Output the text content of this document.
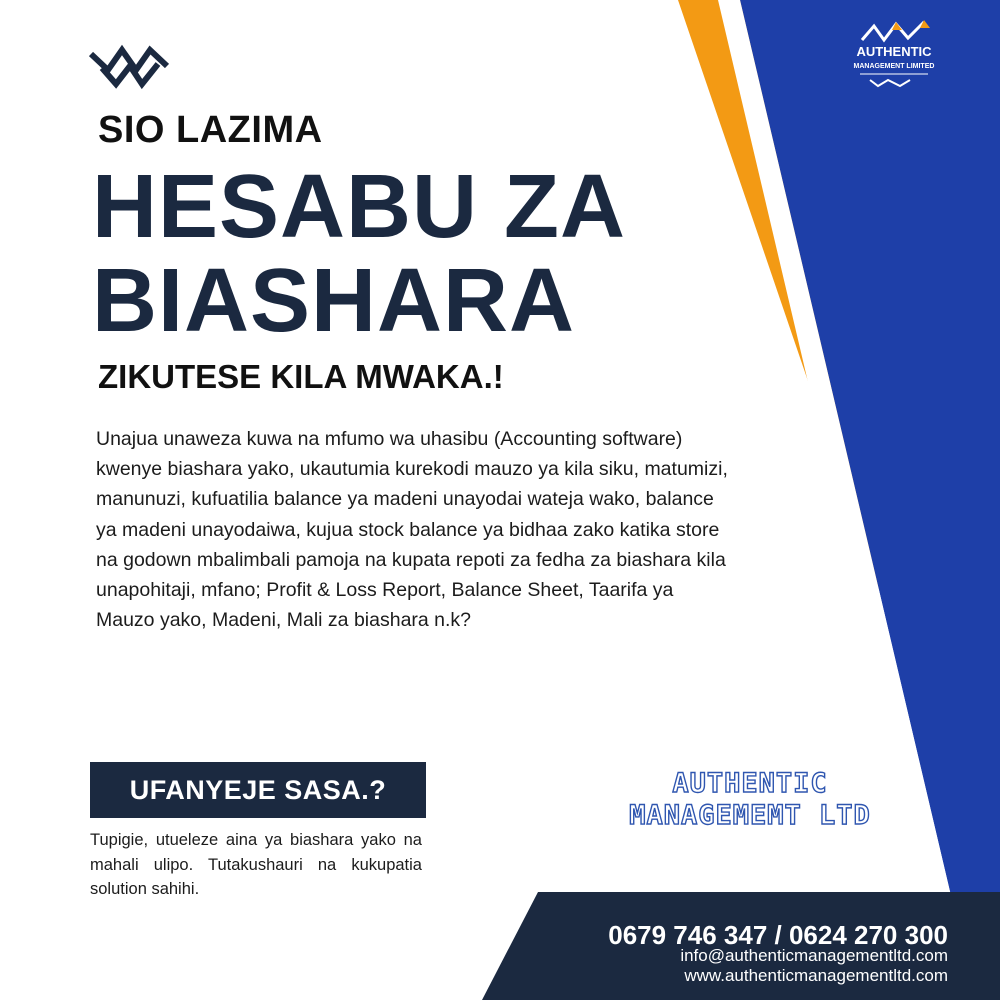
AUTHENTIC
MANAGEMENT LIMITED
SIO LAZIMA
HESABU ZA
BIASHARA
ZIKUTESE KILA MWAKA.!

Unajua unaweza kuwa na mfumo wa uhasibu (Accounting software) kwenye biashara yako, ukautumia kurekodi mauzo ya kila siku, matumizi, manunuzi, kufuatilia balance ya madeni unayodai wateja wako, balance ya madeni unayodaiwa, kujua stock balance ya bidhaa zako katika store na godown mbalimbali pamoja na kupata repoti za fedha za biashara kila unapohitaji, mfano; Profit & Loss Report, Balance Sheet, Taarifa ya Mauzo yako, Madeni, Mali za biashara n.k?

UFANYEJE SASA.?

Tupigie, utueleze aina ya biashara yako na mahali ulipo. Tutakushauri na kukupatia solution sahihi.

AUTHENTIC
MANAGEMEMT LTD

0679 746 347 / 0624 270 300

info@authenticmanagementltd.com

www.authenticmanagementltd.com
